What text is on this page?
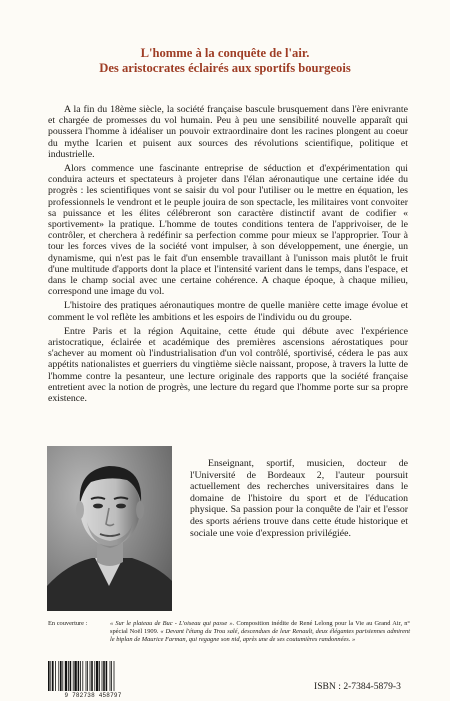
L'homme à la conquête de l'air.
Des aristocrates éclairés aux sportifs bourgeois

A la fin du 18ème siècle, la société française bascule brusquement dans l'ère enivrante et chargée de promesses du vol humain. Peu à peu une sensibilité nouvelle apparaît qui poussera l'homme à idéaliser un pouvoir extraordinaire dont les racines plongent au coeur du mythe Icarien et puisent aux sources des révolutions scientifique, politique et industrielle.

Alors commence une fascinante entreprise de séduction et d'expérimentation qui conduira acteurs et spectateurs à projeter dans l'élan aéronautique une certaine idée du progrès : les scientifiques vont se saisir du vol pour l'utiliser ou le mettre en équation, les professionnels le vendront et le peuple jouira de son spectacle, les militaires vont convoiter sa puissance et les élites célébreront son caractère distinctif avant de codifier « sportivement» la pratique. L'homme de toutes conditions tentera de l'apprivoiser, de le contrôler, et cherchera à redéfinir sa perfection comme pour mieux se l'approprier. Tour à tour les forces vives de la société vont impulser, à son développement, une énergie, un dynamisme, qui n'est pas le fait d'un ensemble travaillant à l'unisson mais plutôt le fruit d'une multitude d'apports dont la place et l'intensité varient dans le temps, dans l'espace, et dans le champ social avec une certaine cohérence. A chaque époque, à chaque milieu, correspond une image du vol.

L'histoire des pratiques aéronautiques montre de quelle manière cette image évolue et comment le vol reflète les ambitions et les espoirs de l'individu ou du groupe.

Entre Paris et la région Aquitaine, cette étude qui débute avec l'expérience aristocratique, éclairée et académique des premières ascensions aérostatiques pour s'achever au moment où l'industrialisation d'un vol contrôlé, sportivisé, cédera le pas aux appétits nationalistes et guerriers du vingtième siècle naissant, propose, à travers la lutte de l'homme contre la pesanteur, une lecture originale des rapports que la société française entretient avec la notion de progrès, une lecture du regard que l'homme porte sur sa propre existence.

Enseignant, sportif, musicien, docteur de l'Université de Bordeaux 2, l'auteur poursuit actuellement des recherches universitaires dans le domaine de l'histoire du sport et de l'éducation physique. Sa passion pour la conquête de l'air et l'essor des sports aériens trouve dans cette étude historique et sociale une voie d'expression privilégiée.

En couverture :	« Sur le plateau de Buc - L'oiseau qui passe ». Composition inédite de René Lelong pour la Vie au Grand Air, n° spécial Noël 1909. « Devant l'étang du Trou salé, descendues de leur Renault, deux élégantes parisiennes admirent le biplan de Maurice Farman, qui regagne son nid, après une de ses coutumières randonnées. »
9 782738 458797
ISBN : 2-7384-5879-3
